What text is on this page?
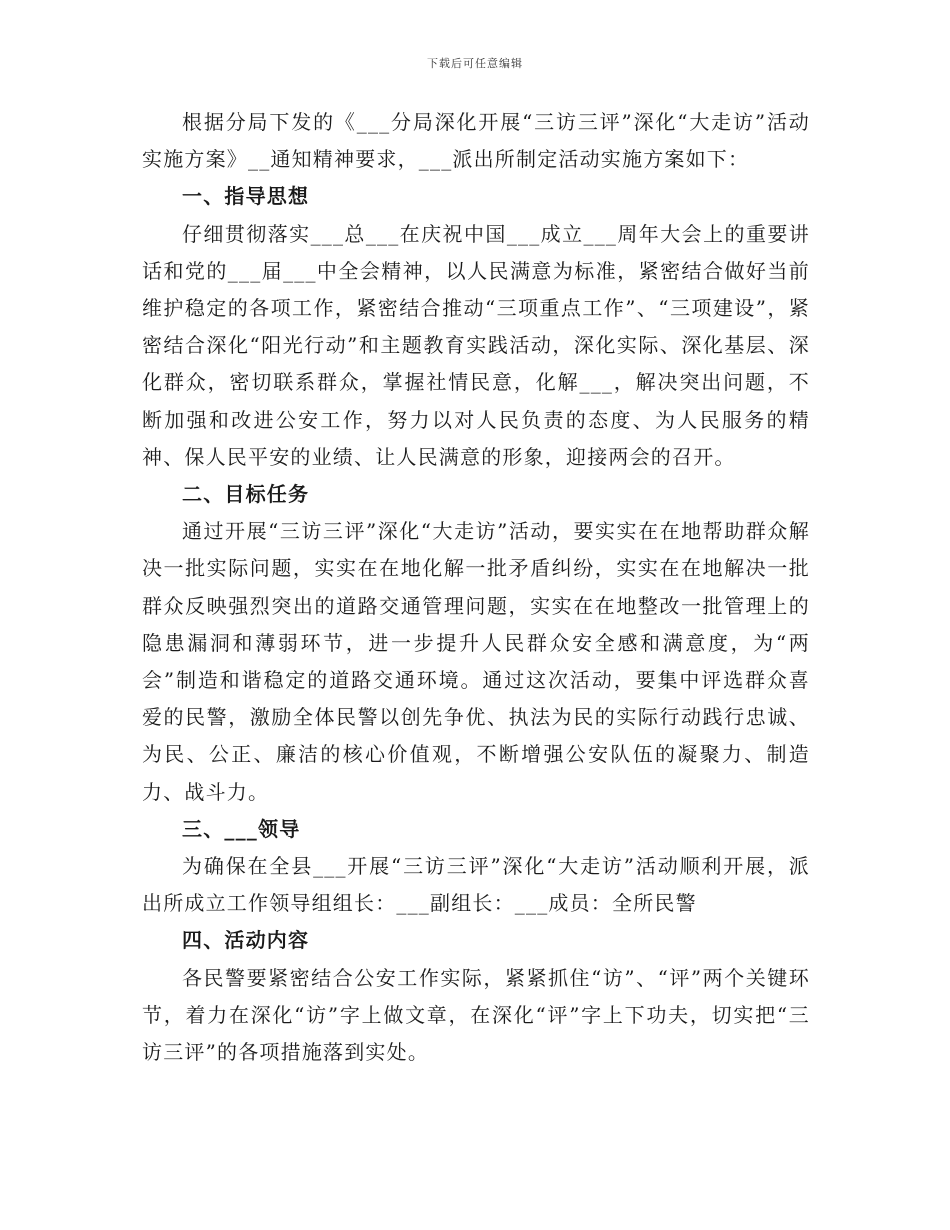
下载后可任意编辑

根据分局下发的《___分局深化开展“三访三评”深化“大走访”活动实施方案》__通知精神要求，___派出所制定活动实施方案如下：

一、指导思想

仔细贯彻落实___总___在庆祝中国___成立___周年大会上的重要讲话和党的___届___中全会精神，以人民满意为标准，紧密结合做好当前维护稳定的各项工作，紧密结合推动“三项重点工作”、“三项建设”，紧密结合深化“阳光行动”和主题教育实践活动，深化实际、深化基层、深化群众，密切联系群众，掌握社情民意，化解___，解决突出问题，不断加强和改进公安工作，努力以对人民负责的态度、为人民服务的精神、保人民平安的业绩、让人民满意的形象，迎接两会的召开。

二、目标任务

通过开展“三访三评”深化“大走访”活动，要实实在在地帮助群众解决一批实际问题，实实在在地化解一批矛盾纠纷，实实在在地解决一批群众反映强烈突出的道路交通管理问题，实实在在地整改一批管理上的隐患漏洞和薄弱环节，进一步提升人民群众安全感和满意度，为“两会”制造和谐稳定的道路交通环境。通过这次活动，要集中评选群众喜爱的民警，激励全体民警以创先争优、执法为民的实际行动践行忠诚、为民、公正、廉洁的核心价值观，不断增强公安队伍的凝聚力、制造力、战斗力。

三、___领导

为确保在全县___开展“三访三评”深化“大走访”活动顺利开展，派出所成立工作领导组组长：___副组长：___成员：全所民警

四、活动内容

各民警要紧密结合公安工作实际，紧紧抓住“访”、“评”两个关键环节，着力在深化“访”字上做文章，在深化“评”字上下功夫，切实把“三访三评”的各项措施落到实处。
